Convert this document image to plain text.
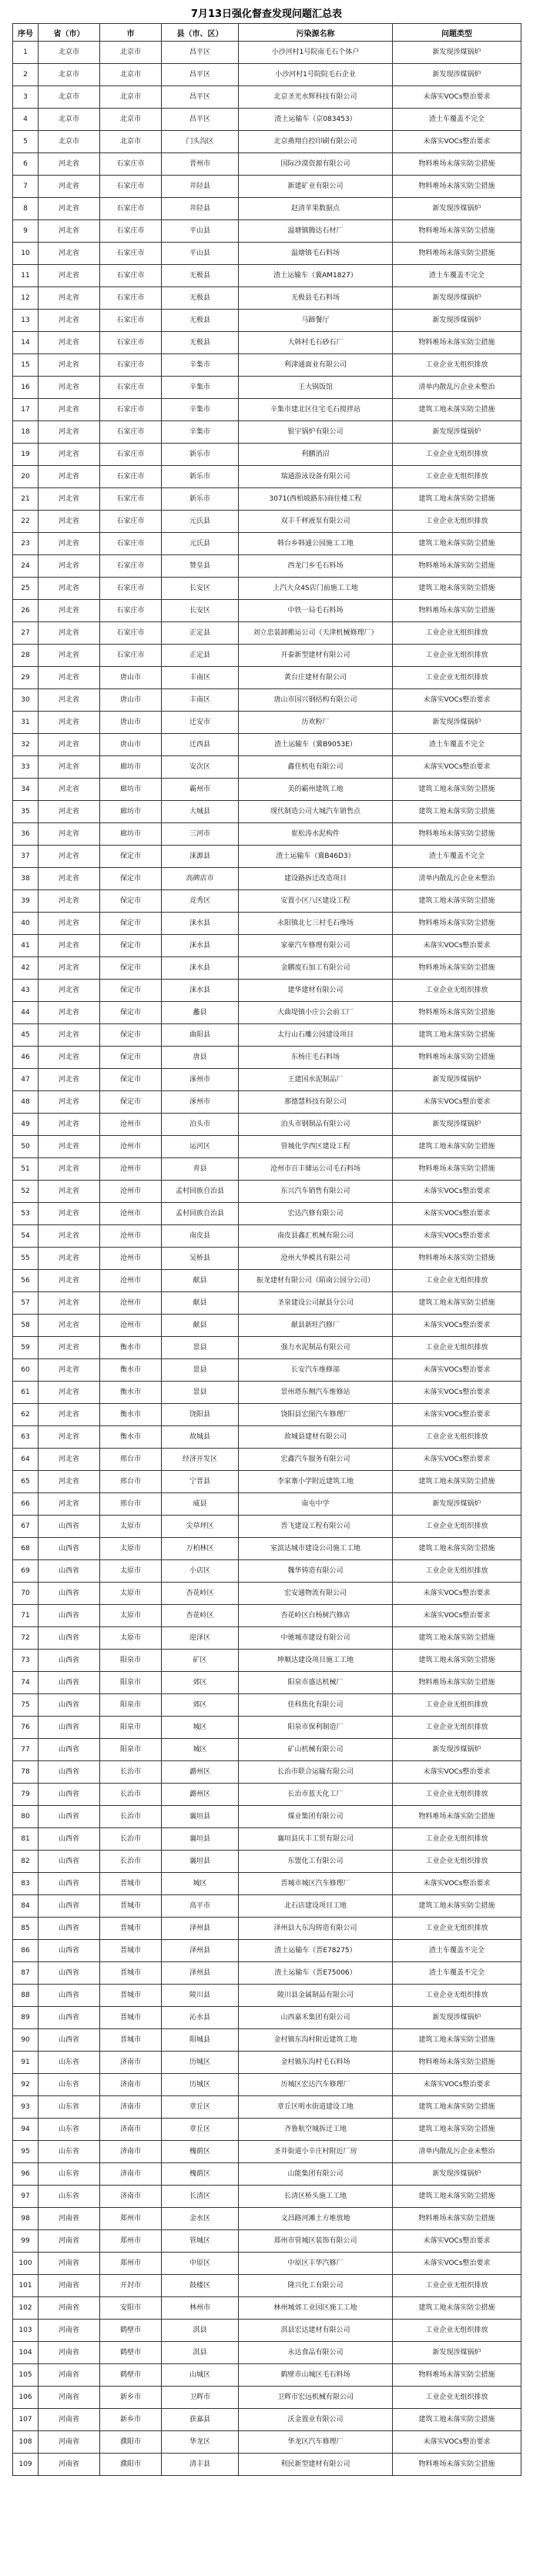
7月13日强化督查发现问题汇总表
序号	省（市）	市	县（市、区）	污染源名称	问题类型
1	北京市	北京市	昌平区	小沙河村1号院南毛石个体户	新发现涉煤锅炉
2	北京市	北京市	昌平区	小沙河村1号院院毛石企业	新发现涉煤锅炉
3	北京市	北京市	昌平区	北京圣光水辉科技有限公司	未落实VOCs整治要求
4	北京市	北京市	昌平区	渣土运输车（京083453）	渣土车覆盖不完全
5	北京市	北京市	门头沟区	北京燕翔自控印刷有限公司	未落实VOCs整治要求
6	河北省	石家庄市	晋州市	国际沙漠资源有限公司	物料堆场未落实防尘措施
7	河北省	石家庄市	井陉县	新建矿业有限公司	物料堆场未落实防尘措施
8	河北省	石家庄市	井陉县	赵清苹果数据点	新发现涉煤锅炉
9	河北省	石家庄市	平山县	温塘镇腾达石材厂	物料堆场未落实防尘措施
10	河北省	石家庄市	平山县	温塘镇毛石料场	物料堆场未落实防尘措施
11	河北省	石家庄市	无极县	渣土运输车（冀AM1827）	渣土车覆盖不完全
12	河北省	石家庄市	无极县	无极县毛石料场	新发现涉煤锅炉
13	河北省	石家庄市	无极县	马蹄餐厅	新发现涉煤锅炉
14	河北省	石家庄市	无极县	大韩村毛石砂石厂	物料堆场未落实防尘措施
15	河北省	石家庄市	辛集市	利津通面业有限公司	工业企业无组织排放
16	河北省	石家庄市	辛集市	王大锅饭馆	清单内散乱污企业未整治
17	河北省	石家庄市	辛集市	辛集市建北区住宅毛石搅拌站	建筑工地未落实防尘措施
18	河北省	石家庄市	辛集市	银宇锅炉有限公司	新发现涉煤锅炉
19	河北省	石家庄市	新乐市	利鹏消沼	工业企业无组织排放
20	河北省	石家庄市	新乐市	瑞通游泳设备有限公司	工业企业无组织排放
21	河北省	石家庄市	新乐市	3071(西柏坡路东)商住楼工程	建筑工地未落实防尘措施
22	河北省	石家庄市	元氏县	双丰千秤液泵有限公司	工业企业无组织排放
23	河北省	石家庄市	元氏县	韩台乡韩通公园施工工地	建筑工地未落实防尘措施
24	河北省	石家庄市	赞皇县	西龙门乡毛石料场	物料堆场未落实防尘措施
25	河北省	石家庄市	长安区	上汽大众4S店门前施工工地	建筑工地未落实防尘措施
26	河北省	石家庄市	长安区	中铁一局毛石料场	物料堆场未落实防尘措施
27	河北省	石家庄市	正定县	刘立忠装卸搬运公司（天津机械修理厂）	工业企业无组织排放
28	河北省	石家庄市	正定县	开泰新型建材有限公司	工业企业无组织排放
29	河北省	唐山市	丰南区	黄台庄建材有限公司	工业企业无组织排放
30	河北省	唐山市	丰南区	唐山市国兴钢结构有限公司	未落实VOCs整治要求
31	河北省	唐山市	迁安市	历欢粉厂	新发现涉煤锅炉
32	河北省	唐山市	迁西县	渣土运输车（冀B9053E）	渣土车覆盖不完全
33	河北省	廊坊市	安次区	鑫佳机电有限公司	未落实VOCs整治要求
34	河北省	廊坊市	霸州市	美的霸州建筑工地	建筑工地未落实防尘措施
35	河北省	廊坊市	大城县	现代制造公司大城汽车销售点	建筑工地未落实防尘措施
36	河北省	廊坊市	三河市	崔松涛水泥构件	物料堆场未落实防尘措施
37	河北省	保定市	涞源县	渣土运输车（冀B46D3）	渣土车覆盖不完全
38	河北省	保定市	高碑店市	建设路拆迁改造项目	清单内散乱污企业未整治
39	河北省	保定市	竞秀区	安置小区八区建设工程	建筑工地未落实防尘措施
40	河北省	保定市	涞水县	永阳镇北七三村毛石堆场	物料堆场未落实防尘措施
41	河北省	保定市	涞水县	家豪汽车修理有限公司	未落实VOCs整治要求
42	河北省	保定市	涞水县	金鹏废石加工有限公司	物料堆场未落实防尘措施
43	河北省	保定市	涞水县	建华建材有限公司	工业企业无组织排放
44	河北省	保定市	蠡县	大曲堤镇小庄公会前工厂	物料堆场未落实防尘措施
45	河北省	保定市	曲阳县	太行山石雕公园建设项目	建筑工地未落实防尘措施
46	河北省	保定市	唐县	东杨庄毛石料场	物料堆场未落实防尘措施
47	河北省	保定市	涿州市	王建国水泥制品厂	新发现涉煤锅炉
48	河北省	保定市	涿州市	那德慧科技有限公司	未落实VOCs整治要求
49	河北省	沧州市	泊头市	泊头市钢制品有限公司	新发现涉煤锅炉
50	河北省	沧州市	运河区	管城化学西区建设工程	建筑工地未落实防尘措施
51	河北省	沧州市	青县	沧州市百丰储运公司毛石料场	物料堆场未落实防尘措施
52	河北省	沧州市	孟村回族自治县	东兴汽车销售有限公司	未落实VOCs整治要求
53	河北省	沧州市	孟村回族自治县	宏达汽修有限公司	未落实VOCs整治要求
54	河北省	沧州市	南皮县	南皮县鑫汇机械有限公司	未落实VOCs整治要求
55	河北省	沧州市	吴桥县	沧州大华模具有限公司	物料堆场未落实防尘措施
56	河北省	沧州市	献县	振龙建材有限公司（陌南公园分公司）	工业企业无组织排放
57	河北省	沧州市	献县	圣泉建设公司献县分公司	建筑工地未落实防尘措施
58	河北省	沧州市	献县	献县新旺汽修厂	未落实VOCs整治要求
59	河北省	衡水市	景县	强力水泥制品有限公司	工业企业无组织排放
60	河北省	衡水市	景县	长安汽车维修部	未落实VOCs整治要求
61	河北省	衡水市	景县	景州塔东侧汽车维修站	未落实VOCs整治要求
62	河北省	衡水市	饶阳县	饶阳县宏图汽车修理厂	未落实VOCs整治要求
63	河北省	衡水市	故城县	故城县建材有限公司	工业企业无组织排放
64	河北省	邢台市	经济开发区	宏鑫汽车服务有限公司	未落实VOCs整治要求
65	河北省	邢台市	宁晋县	李家寨小学附近建筑工地	建筑工地未落实防尘措施
66	河北省	邢台市	威县	南屯中学	新发现涉煤锅炉
67	山西省	太原市	尖草坪区	晋飞建设工程有限公司	工业企业无组织排放
68	山西省	太原市	万柏林区	室滨达城市建设公司施工工地	建筑工地未落实防尘措施
69	山西省	太原市	小店区	魏华铸造有限公司	工业企业无组织排放
70	山西省	太原市	杏花岭区	宏安通物流有限公司	未落实VOCs整治要求
71	山西省	太原市	杏花岭区	杏花岭区白杨树汽修店	未落实VOCs整治要求
72	山西省	太原市	迎泽区	中驰城市建设有限公司	建筑工地未落实防尘措施
73	山西省	阳泉市	矿区	坤顺达建设项目施工工地	建筑工地未落实防尘措施
74	山西省	阳泉市	郊区	阳泉市盛达机械厂	物料堆场未落实防尘措施
75	山西省	阳泉市	郊区	佳科焦化有限公司	工业企业无组织排放
76	山西省	阳泉市	城区	阳泉市保利制造厂	工业企业无组织排放
77	山西省	阳泉市	城区	矿山机械有限公司	新发现涉煤锅炉
78	山西省	长治市	潞州区	长治市联合运输有限公司	未落实VOCs整治要求
79	山西省	长治市	潞州区	长治市蓝天化工厂	工业企业无组织排放
80	山西省	长治市	襄垣县	煤业集团有限公司	物料堆场未落实防尘措施
81	山西省	长治市	襄垣县	襄垣县庆丰工贸有限公司	工业企业无组织排放
82	山西省	长治市	襄垣县	东盟化工有限公司	工业企业无组织排放
83	山西省	晋城市	城区	晋城市城区汽车修理厂	未落实VOCs整治要求
84	山西省	晋城市	高平市	北石店建设项目工地	建筑工地未落实防尘措施
85	山西省	晋城市	泽州县	泽州县大东沟铸造有限公司	工业企业无组织排放
86	山西省	晋城市	泽州县	渣土运输车（晋E78275）	渣土车覆盖不完全
87	山西省	晋城市	泽州县	渣土运输车（晋E75006）	渣土车覆盖不完全
88	山西省	晋城市	陵川县	陵川县金属制品有限公司	工业企业无组织排放
89	山西省	晋城市	沁水县	山西嘉禾集团有限公司	新发现涉煤锅炉
90	山西省	晋城市	阳城县	金村镇东沟村附近建筑工地	建筑工地未落实防尘措施
91	山东省	济南市	历城区	金村镇东沟村毛石料场	物料堆场未落实防尘措施
92	山东省	济南市	历城区	历城区宏达汽车修理厂	未落实VOCs整治要求
93	山东省	济南市	章丘区	章丘区明水街道建设工地	建筑工地未落实防尘措施
94	山东省	济南市	章丘区	齐鲁航空城拆迁工地	建筑工地未落实防尘措施
95	山东省	济南市	槐荫区	圣井街道小辛庄村附近厂房	清单内散乱污企业未整治
96	山东省	济南市	槐荫区	山能集团有限公司	新发现涉煤锅炉
97	山东省	济南市	长清区	长清区桥头施工工地	建筑工地未落实防尘措施
98	河南省	郑州市	金水区	文昌路河滩土方堆放地	物料堆场未落实防尘措施
99	河南省	郑州市	管城区	郑州市管城区装饰有限公司	未落实VOCs整治要求
100	河南省	郑州市	中原区	中原区丰华汽修厂	未落实VOCs整治要求
101	河南省	开封市	鼓楼区	隆兴化工有限公司	工业企业无组织排放
102	河南省	安阳市	林州市	林州城郊工业园区施工工地	建筑工地未落实防尘措施
103	河南省	鹤壁市	淇县	淇县宏达建材有限公司	工业企业无组织排放
104	河南省	鹤壁市	淇县	永达食品有限公司	新发现涉煤锅炉
105	河南省	鹤壁市	山城区	鹤壁市山城区毛石料场	物料堆场未落实防尘措施
106	河南省	新乡市	卫辉市	卫辉市宏远机械有限公司	工业企业无组织排放
107	河南省	新乡市	获嘉县	沃金置业有限公司	建筑工地未落实防尘措施
108	河南省	濮阳市	华龙区	华龙区汽车修理厂	未落实VOCs整治要求
109	河南省	濮阳市	清丰县	利民新型建材有限公司	物料堆场未落实防尘措施
